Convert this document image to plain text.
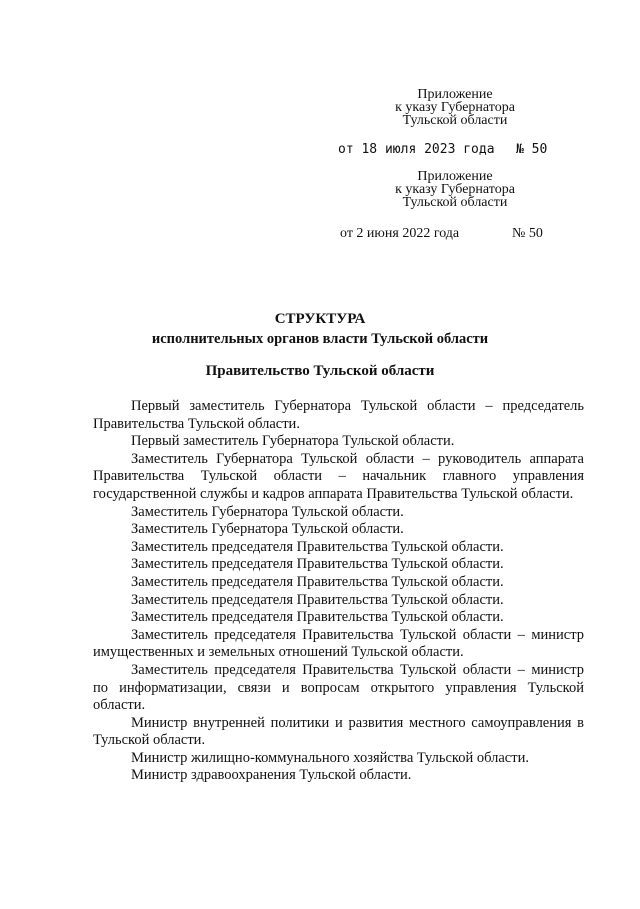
Приложение
к указу Губернатора
Тульской области
от 18 июля 2023 года № 50
Приложение
к указу Губернатора
Тульской области
от 2 июня 2022 года	№ 50
СТРУКТУРА
исполнительных органов власти Тульской области
Правительство Тульской области

Первый заместитель Губернатора Тульской области – председатель Правительства Тульской области.

Первый заместитель Губернатора Тульской области.

Заместитель Губернатора Тульской области – руководитель аппарата Правительства Тульской области – начальник главного управления государственной службы и кадров аппарата Правительства Тульской области.

Заместитель Губернатора Тульской области.

Заместитель Губернатора Тульской области.

Заместитель председателя Правительства Тульской области.

Заместитель председателя Правительства Тульской области.

Заместитель председателя Правительства Тульской области.

Заместитель председателя Правительства Тульской области.

Заместитель председателя Правительства Тульской области.

Заместитель председателя Правительства Тульской области – министр имущественных и земельных отношений Тульской области.

Заместитель председателя Правительства Тульской области – министр по информатизации, связи и вопросам открытого управления Тульской области.

Министр внутренней политики и развития местного самоуправления в Тульской области.

Министр жилищно-коммунального хозяйства Тульской области.

Министр здравоохранения Тульской области.
